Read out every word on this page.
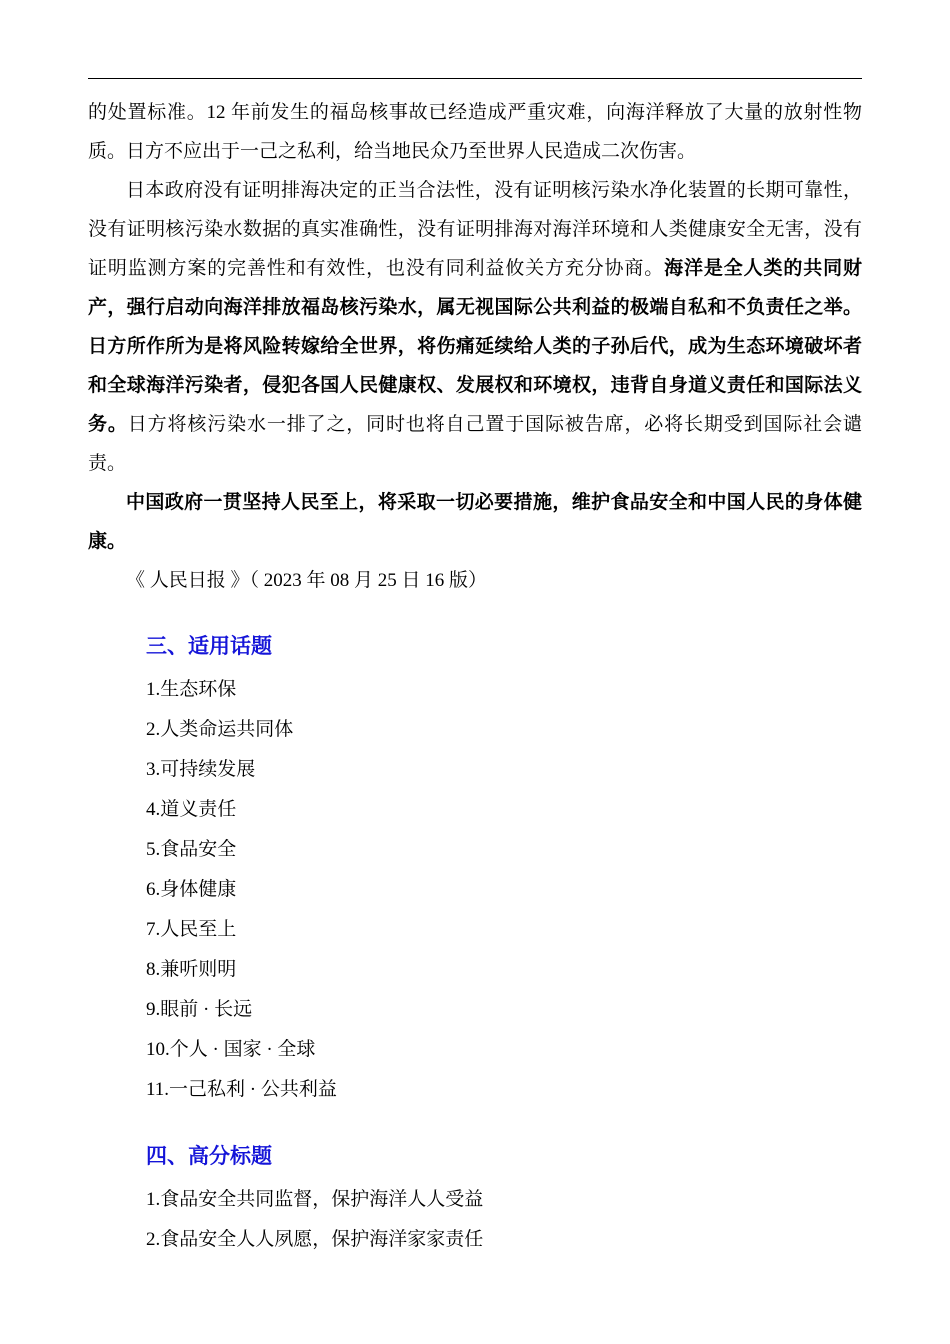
的处置标准。12 年前发生的福岛核事故已经造成严重灾难，向海洋释放了大量的放射性物质。日方不应出于一己之私利，给当地民众乃至世界人民造成二次伤害。

日本政府没有证明排海决定的正当合法性，没有证明核污染水净化装置的长期可靠性，没有证明核污染水数据的真实准确性，没有证明排海对海洋环境和人类健康安全无害，没有证明监测方案的完善性和有效性，也没有同利益攸关方充分协商。海洋是全人类的共同财产，强行启动向海洋排放福岛核污染水，属无视国际公共利益的极端自私和不负责任之举。日方所作所为是将风险转嫁给全世界，将伤痛延续给人类的子孙后代，成为生态环境破坏者和全球海洋污染者，侵犯各国人民健康权、发展权和环境权，违背自身道义责任和国际法义务。日方将核污染水一排了之，同时也将自己置于国际被告席，必将长期受到国际社会谴责。

中国政府一贯坚持人民至上，将采取一切必要措施，维护食品安全和中国人民的身体健康。

《 人民日报 》（ 2023 年 08 月 25 日 16 版）

三、适用话题
1.生态环保
2.人类命运共同体
3.可持续发展
4.道义责任
5.食品安全
6.身体健康
7.人民至上
8.兼听则明
9.眼前 · 长远
10.个人 · 国家 · 全球
11.一己私利 · 公共利益
四、高分标题
1.食品安全共同监督，保护海洋人人受益
2.食品安全人人夙愿，保护海洋家家责任
